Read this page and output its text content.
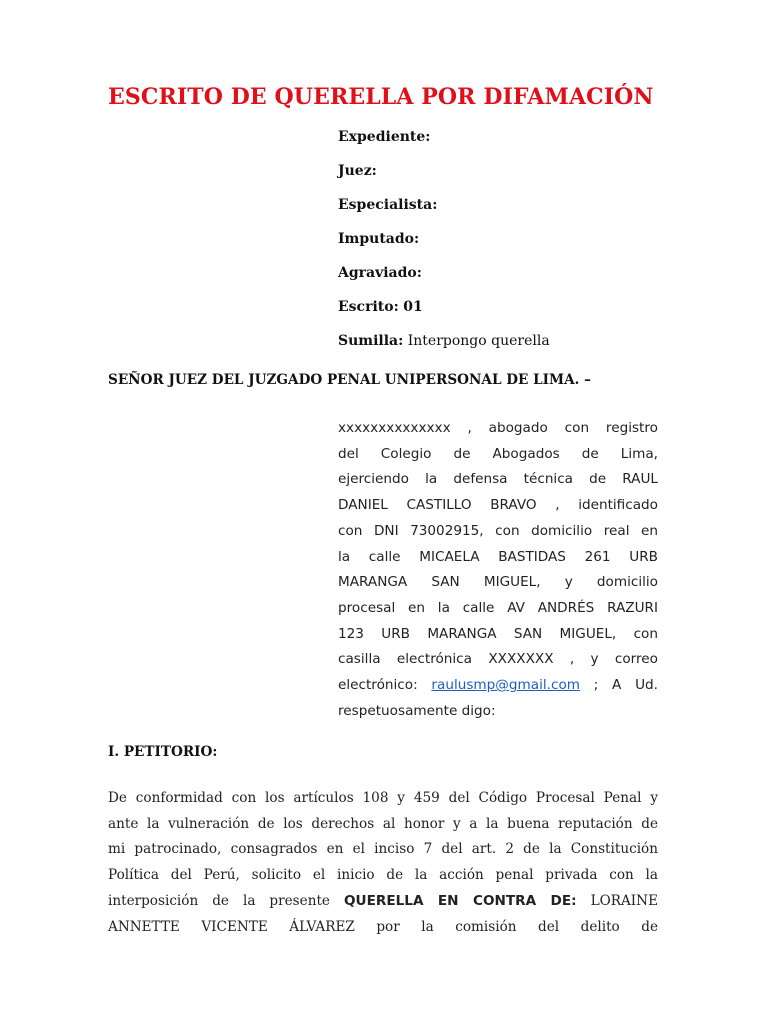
ESCRITO DE QUERELLA POR DIFAMACIÓN
Expediente:
Juez:
Especialista:
Imputado:
Agraviado:
Escrito: 01
Sumilla: Interpongo querella
SEÑOR JUEZ DEL JUZGADO PENAL UNIPERSONAL DE LIMA. –
xxxxxxxxxxxxxx , abogado con registro
del Colegio de Abogados de Lima,
ejerciendo la defensa técnica de RAUL
DANIEL CASTILLO BRAVO , identificado
con DNI 73002915, con domicilio real en
la calle MICAELA BASTIDAS 261 URB
MARANGA SAN MIGUEL, y domicilio
procesal en la calle AV ANDRÉS RAZURI
123 URB MARANGA SAN MIGUEL, con
casilla electrónica XXXXXXX , y correo
electrónico: raulusmp@gmail.com ; A Ud.
respetuosamente digo:
I. PETITORIO:
De conformidad con los artículos 108 y 459 del Código Procesal Penal y
ante la vulneración de los derechos al honor y a la buena reputación de
mi patrocinado, consagrados en el inciso 7 del art. 2 de la Constitución
Política del Perú, solicito el inicio de la acción penal privada con la
interposición de la presente QUERELLA EN CONTRA DE: LORAINE
ANNETTE VICENTE ÁLVAREZ por la comisión del delito de
